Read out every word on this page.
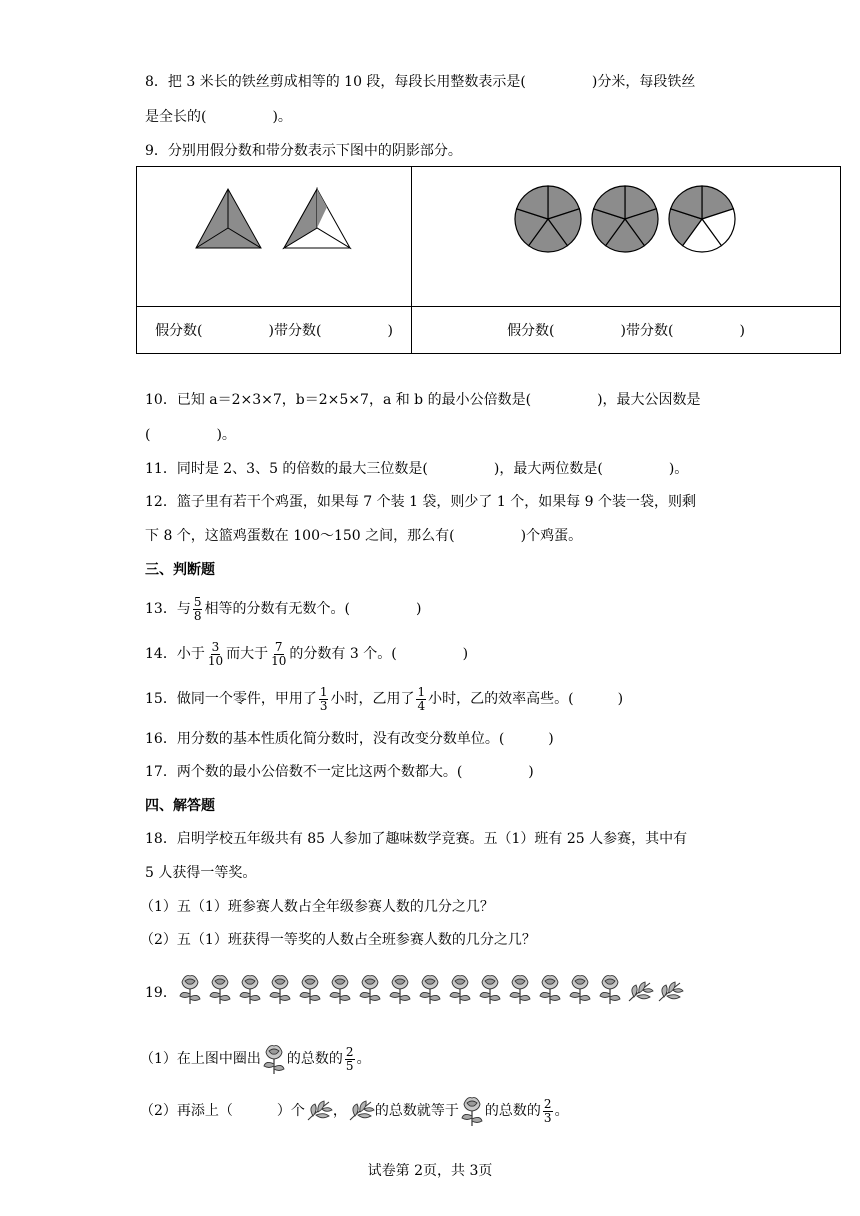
8．把 3 米长的铁丝剪成相等的 10 段，每段长用整数表示是(	)分米，每段铁丝
是全长的(	)。
9．分别用假分数和带分数表示下图中的阴影部分。

假分数( )带分数( )	假分数( )带分数( )
10．已知 a＝2×3×7，b＝2×5×7，a 和 b 的最小公倍数是(	)，最大公因数是
(	)。
11．同时是 2、3、5 的倍数的最大三位数是(	)，最大两位数是(	)。
12．篮子里有若干个鸡蛋，如果每 7 个装 1 袋，则少了 1 个，如果每 9 个装一袋，则剩
下 8 个，这篮鸡蛋数在 100～150 之间，那么有(	)个鸡蛋。
三、判断题
13．与 $\frac{5}{8}$ 相等的分数有无数个。(	)
14．小于 $\frac{3}{10}$ 而大于 $\frac{7}{10}$ 的分数有 3 个。(	)
15．做同一个零件，甲用了 $\frac{1}{3}$ 小时，乙用了 $\frac{1}{4}$ 小时，乙的效率高些。(	)
16．用分数的基本性质化简分数时，没有改变分数单位。(	)
17．两个数的最小公倍数不一定比这两个数都大。(	)
四、解答题
18．启明学校五年级共有 85 人参加了趣味数学竞赛。五（1）班有 25 人参赛，其中有
5 人获得一等奖。
（1）五（1）班参赛人数占全年级参赛人数的几分之几？
（2）五（1）班获得一等奖的人数占全班参赛人数的几分之几？
19．
（1）在上图中圈出 的总数的 $\frac{2}{5}$ 。
（2）再添上（	）个 ， 的总数就等于 的总数的 $\frac{2}{3}$ 。
试卷第 2页，共 3页
